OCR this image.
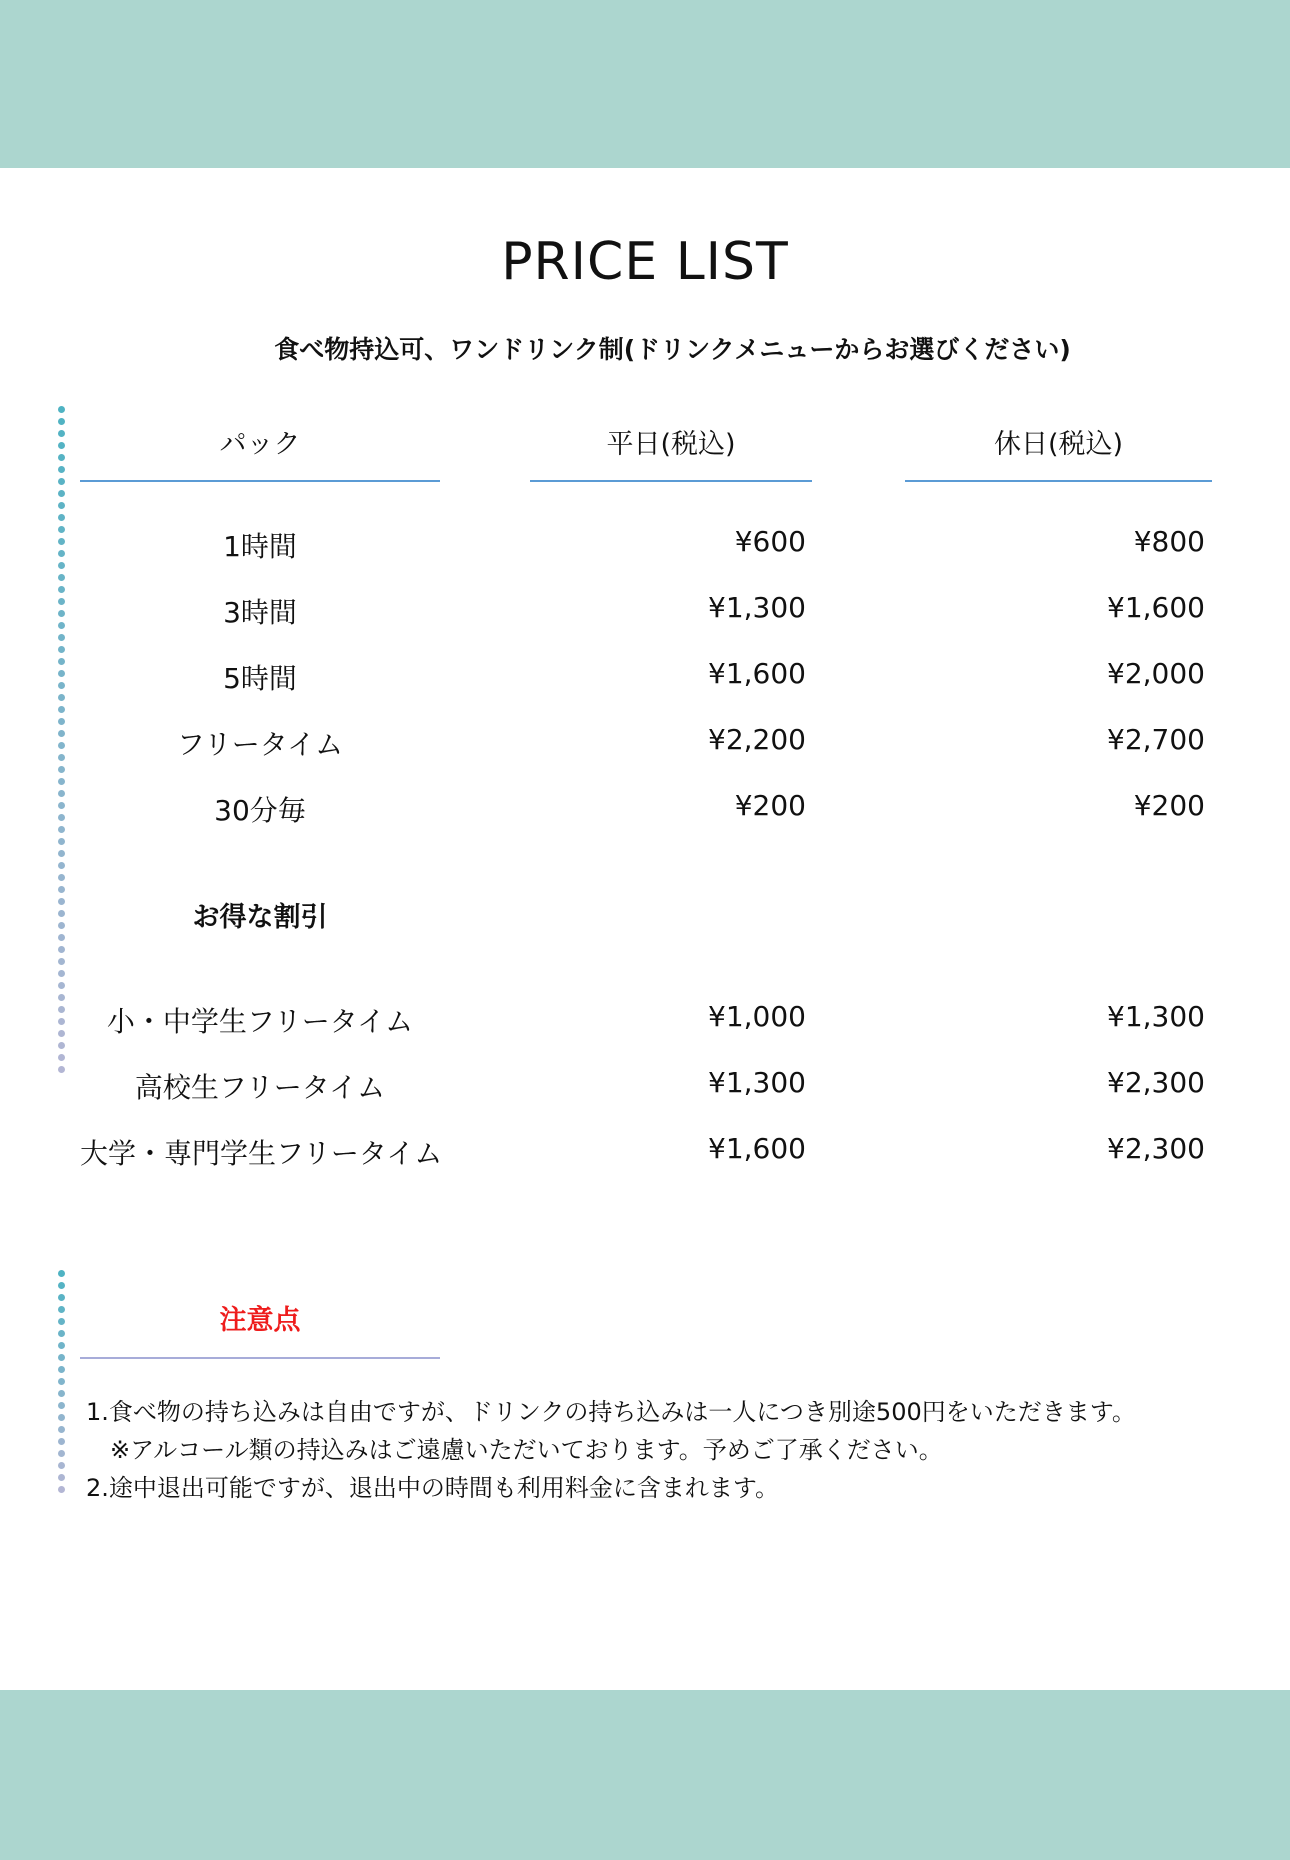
PRICE LIST
食べ物持込可、ワンドリンク制(ドリンクメニューからお選びください)
パック	平日(税込)	休日(税込)
1時間	¥600	¥800
3時間	¥1,300	¥1,600
5時間	¥1,600	¥2,000
フリータイム	¥2,200	¥2,700
30分毎	¥200	¥200
お得な割引
小・中学生フリータイム	¥1,000	¥1,300
高校生フリータイム	¥1,300	¥2,300
大学・専門学生フリータイム	¥1,600	¥2,300
注意点
1.食べ物の持ち込みは自由ですが、ドリンクの持ち込みは一人につき別途500円をいただきます。
　※アルコール類の持込みはご遠慮いただいております。予めご了承ください。
2.途中退出可能ですが、退出中の時間も利用料金に含まれます。
